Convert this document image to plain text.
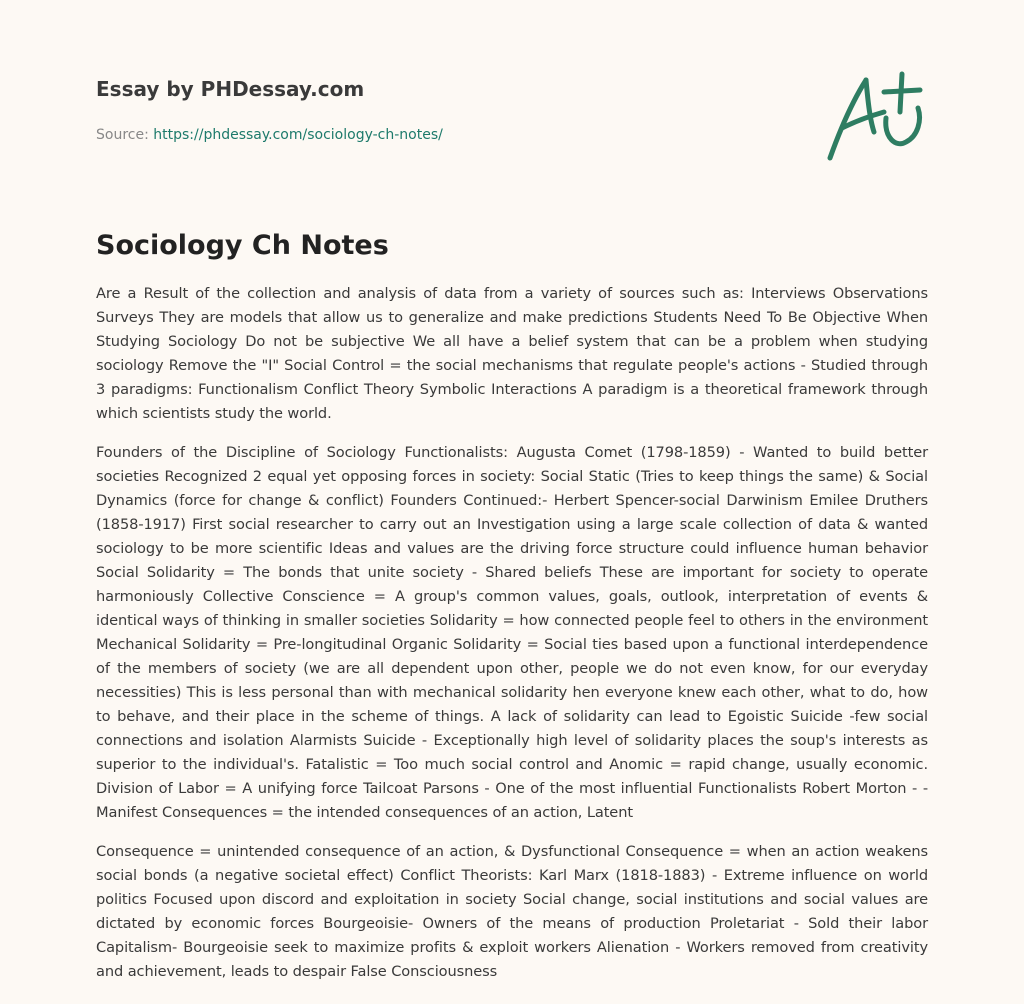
Essay by PHDessay.com
Source: https://phdessay.com/sociology-ch-notes/
Sociology Ch Notes

Are a Result of the collection and analysis of data from a variety of sources such as: Interviews Observations Surveys They are models that allow us to generalize and make predictions Students Need To Be Objective When Studying Sociology Do not be subjective We all have a belief system that can be a problem when studying sociology Remove the "I" Social Control = the social mechanisms that regulate people's actions - Studied through 3 paradigms: Functionalism Conflict Theory Symbolic Interactions A paradigm is a theoretical framework through which scientists study the world.

Founders of the Discipline of Sociology Functionalists: Augusta Comet (1798-1859) - Wanted to build better societies Recognized 2 equal yet opposing forces in society: Social Static (Tries to keep things the same) & Social Dynamics (force for change & conflict) Founders Continued:- Herbert Spencer-social Darwinism Emilee Druthers (1858-1917) First social researcher to carry out an Investigation using a large scale collection of data & wanted sociology to be more scientific Ideas and values are the driving force structure could influence human behavior Social Solidarity = The bonds that unite society - Shared beliefs These are important for society to operate harmoniously Collective Conscience = A group's common values, goals, outlook, interpretation of events & identical ways of thinking in smaller societies Solidarity = how connected people feel to others in the environment Mechanical Solidarity = Pre-longitudinal Organic Solidarity = Social ties based upon a functional interdependence of the members of society (we are all dependent upon other, people we do not even know, for our everyday necessities) This is less personal than with mechanical solidarity hen everyone knew each other, what to do, how to behave, and their place in the scheme of things. A lack of solidarity can lead to Egoistic Suicide -few social connections and isolation Alarmists Suicide - Exceptionally high level of solidarity places the soup's interests as superior to the individual's. Fatalistic = Too much social control and Anomic = rapid change, usually economic. Division of Labor = A unifying force Tailcoat Parsons - One of the most influential Functionalists Robert Morton - - Manifest Consequences = the intended consequences of an action, Latent

Consequence = unintended consequence of an action, & Dysfunctional Consequence = when an action weakens social bonds (a negative societal effect) Conflict Theorists: Karl Marx (1818-1883) - Extreme influence on world politics Focused upon discord and exploitation in society Social change, social institutions and social values are dictated by economic forces Bourgeoisie- Owners of the means of production Proletariat - Sold their labor Capitalism- Bourgeoisie seek to maximize profits & exploit workers Alienation - Workers removed from creativity and achievement, leads to despair False Consciousness
